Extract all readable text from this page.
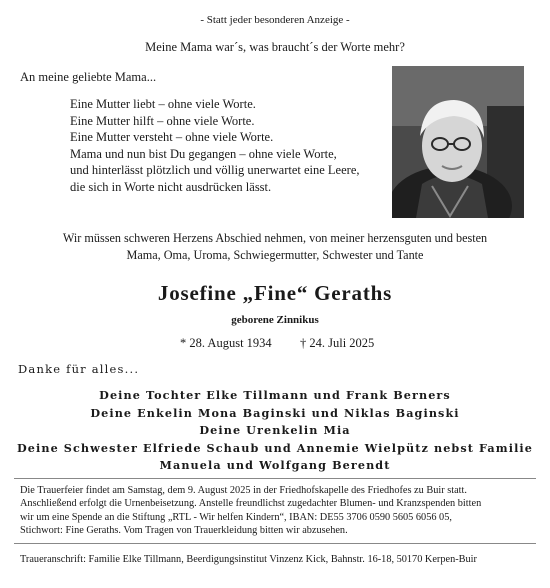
- Statt jeder besonderen Anzeige -
Meine Mama war´s, was braucht´s der Worte mehr?
An meine geliebte Mama...
Eine Mutter liebt – ohne viele Worte.
Eine Mutter hilft – ohne viele Worte.
Eine Mutter versteht – ohne viele Worte.
Mama und nun bist Du gegangen – ohne viele Worte,
und hinterlässt plötzlich und völlig unerwartet eine Leere,
die sich in Worte nicht ausdrücken lässt.
Wir müssen schweren Herzens Abschied nehmen, von meiner herzensguten und besten
Mama, Oma, Uroma, Schwiegermutter, Schwester und Tante
Josefine „Fine“ Geraths
geborene Zinnikus
* 28. August 1934 † 24. Juli 2025
Danke für alles...
Deine Tochter Elke Tillmann und Frank Berners
Deine Enkelin Mona Baginski und Niklas Baginski
Deine Urenkelin Mia
Deine Schwester Elfriede Schaub und Annemie Wielpütz nebst Familie
Manuela und Wolfgang Berendt
Die Trauerfeier findet am Samstag, dem 9. August 2025 in der Friedhofskapelle des Friedhofes zu Buir statt.
Anschließend erfolgt die Urnenbeisetzung. Anstelle freundlichst zugedachter Blumen- und Kranzspenden bitten
wir um eine Spende an die Stiftung „RTL - Wir helfen Kindern“, IBAN: DE55 3706 0590 5605 6056 05,
Stichwort: Fine Geraths. Vom Tragen von Trauerkleidung bitten wir abzusehen.
Traueranschrift: Familie Elke Tillmann, Beerdigungsinstitut Vinzenz Kick, Bahnstr. 16-18, 50170 Kerpen-Buir
